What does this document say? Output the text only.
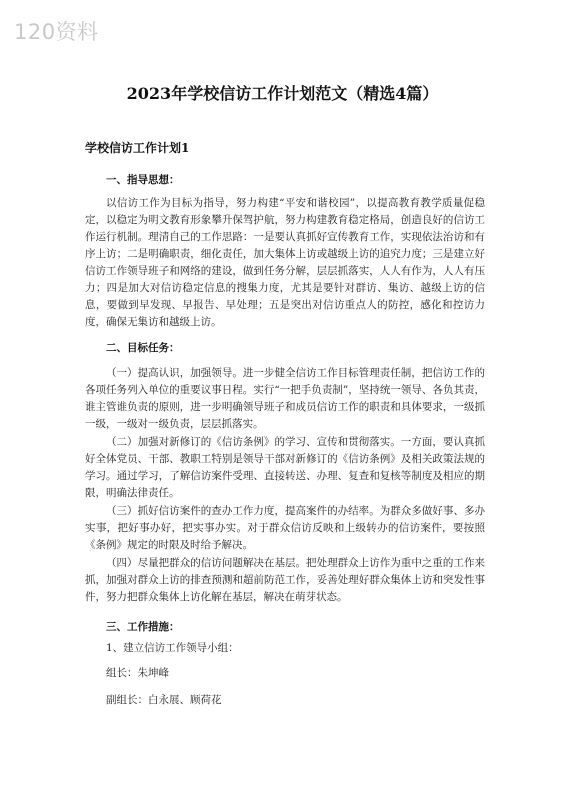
120资料
2023年学校信访工作计划范文（精选4篇）
学校信访工作计划1
一、指导思想：

以信访工作为目标为指导，努力构建“平安和谐校园”，以提高教育教学质量促稳定，以稳定为明文教育形象攀升保驾护航，努力构建教育稳定格局，创造良好的信访工作运行机制。理清自己的工作思路：一是要认真抓好宣传教育工作，实现依法治访和有序上访；二是明确职责，细化责任，加大集体上访或越级上访的追究力度；三是建立好信访工作领导班子和网络的建设，做到任务分解，层层抓落实，人人有作为，人人有压力；四是加大对信访稳定信息的搜集力度，尤其是要针对群访、集访、越级上访的信息，要做到早发现、早报告、早处理；五是突出对信访重点人的防控，感化和控访力度，确保无集访和越级上访。

二、目标任务：

（一）提高认识，加强领导。进一步健全信访工作目标管理责任制，把信访工作的各项任务列入单位的重要议事日程。实行“一把手负责制”，坚持统一领导、各负其责，谁主管谁负责的原则，进一步明确领导班子和成员信访工作的职责和具体要求，一级抓一级，一级对一级负责，层层抓落实。

（二）加强对新修订的《信访条例》的学习、宣传和贯彻落实。一方面，要认真抓好全体党员、干部、教职工特别是领导干部对新修订的《信访条例》及相关政策法规的学习。通过学习，了解信访案件受理、直接转送、办理、复查和复核等制度及相应的期限，明确法律责任。

（三）抓好信访案件的查办工作力度，提高案件的办结率。为群众多做好事、多办实事，把好事办好，把实事办实。对于群众信访反映和上级转办的信访案件，要按照《条例》规定的时限及时给予解决。

（四）尽量把群众的信访问题解决在基层。把处理群众上访作为重中之重的工作来抓，加强对群众上访的排查预测和超前防范工作，妥善处理好群众集体上访和突发性事件，努力把群众集体上访化解在基层，解决在萌芽状态。

三、工作措施：
1、建立信访工作领导小组：
组长：朱坤峰
副组长：白永展、顾荷花
